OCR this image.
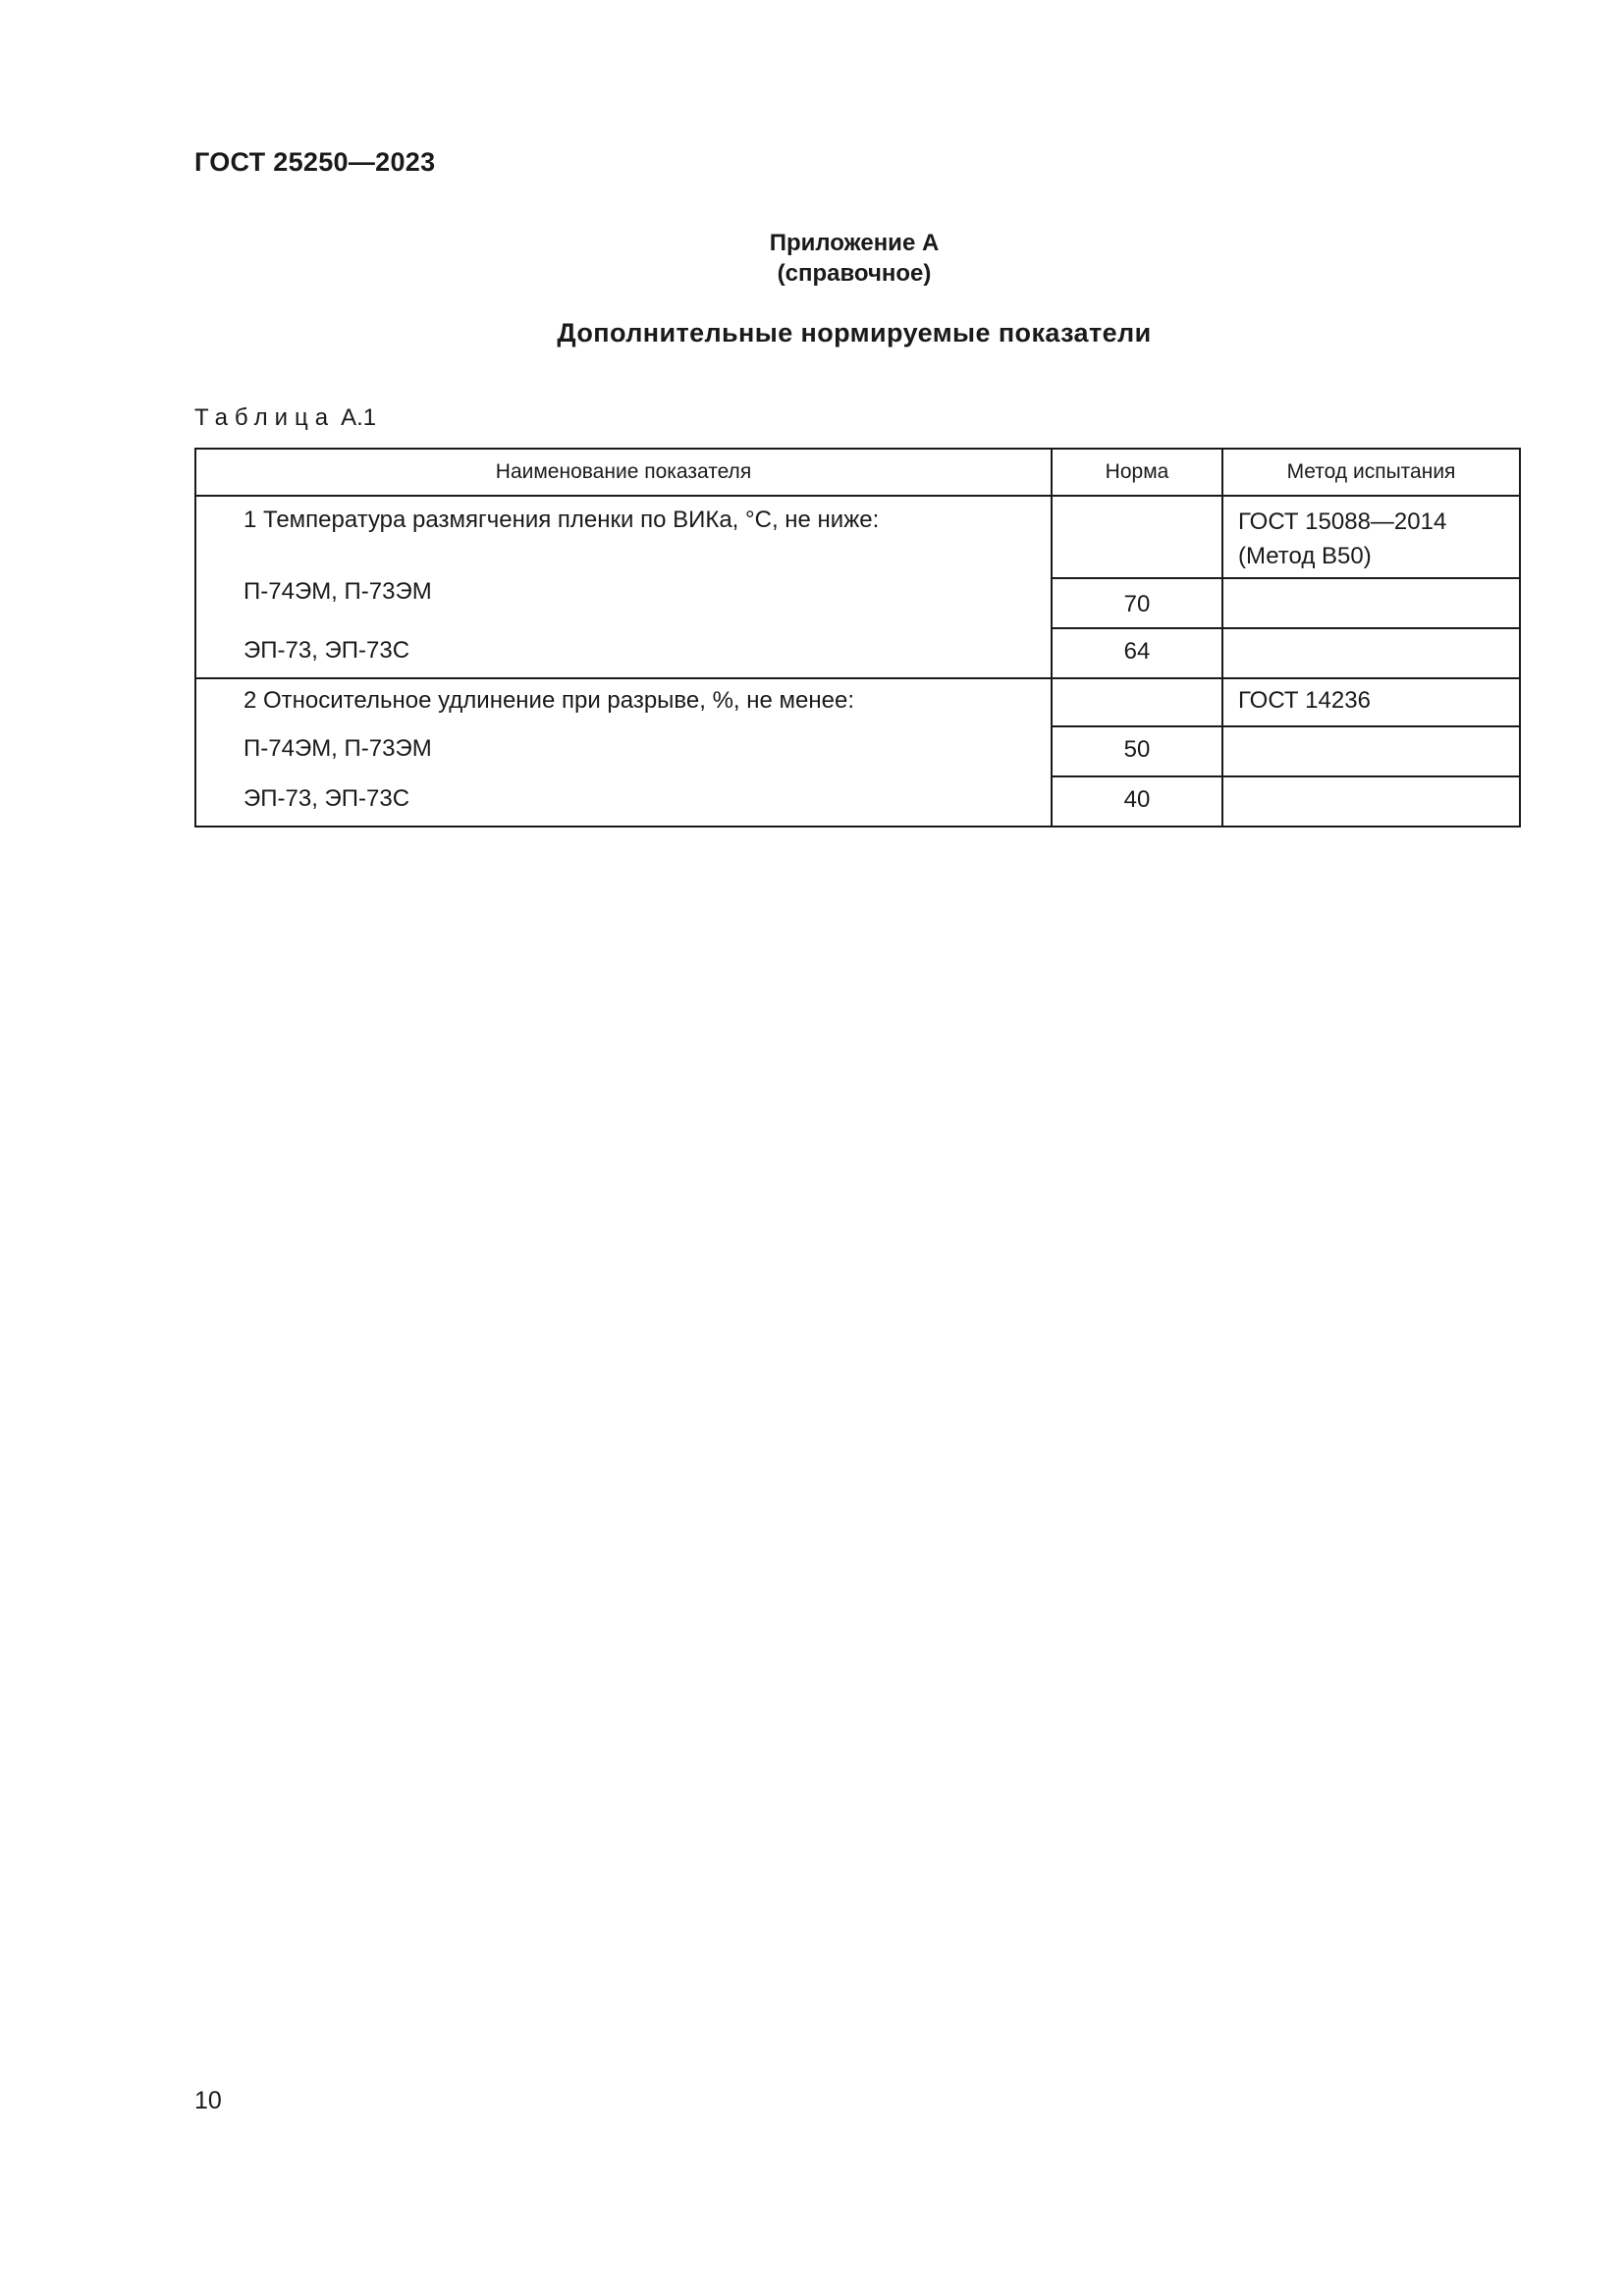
ГОСТ 25250—2023
Приложение А
(справочное)
Дополнительные нормируемые показатели
Таблица А.1
Наименование показателя	Норма	Метод испытания
1 Температура размягчения пленки по ВИКа, °С, не ниже:		ГОСТ 15088—2014
(Метод В50)

П-74ЭМ, П-73ЭМ	70	
ЭП-73, ЭП-73С	64	
2 Относительное удлинение при разрыве, %, не менее:		ГОСТ 14236
П-74ЭМ, П-73ЭМ	50	
ЭП-73, ЭП-73С	40	
10
